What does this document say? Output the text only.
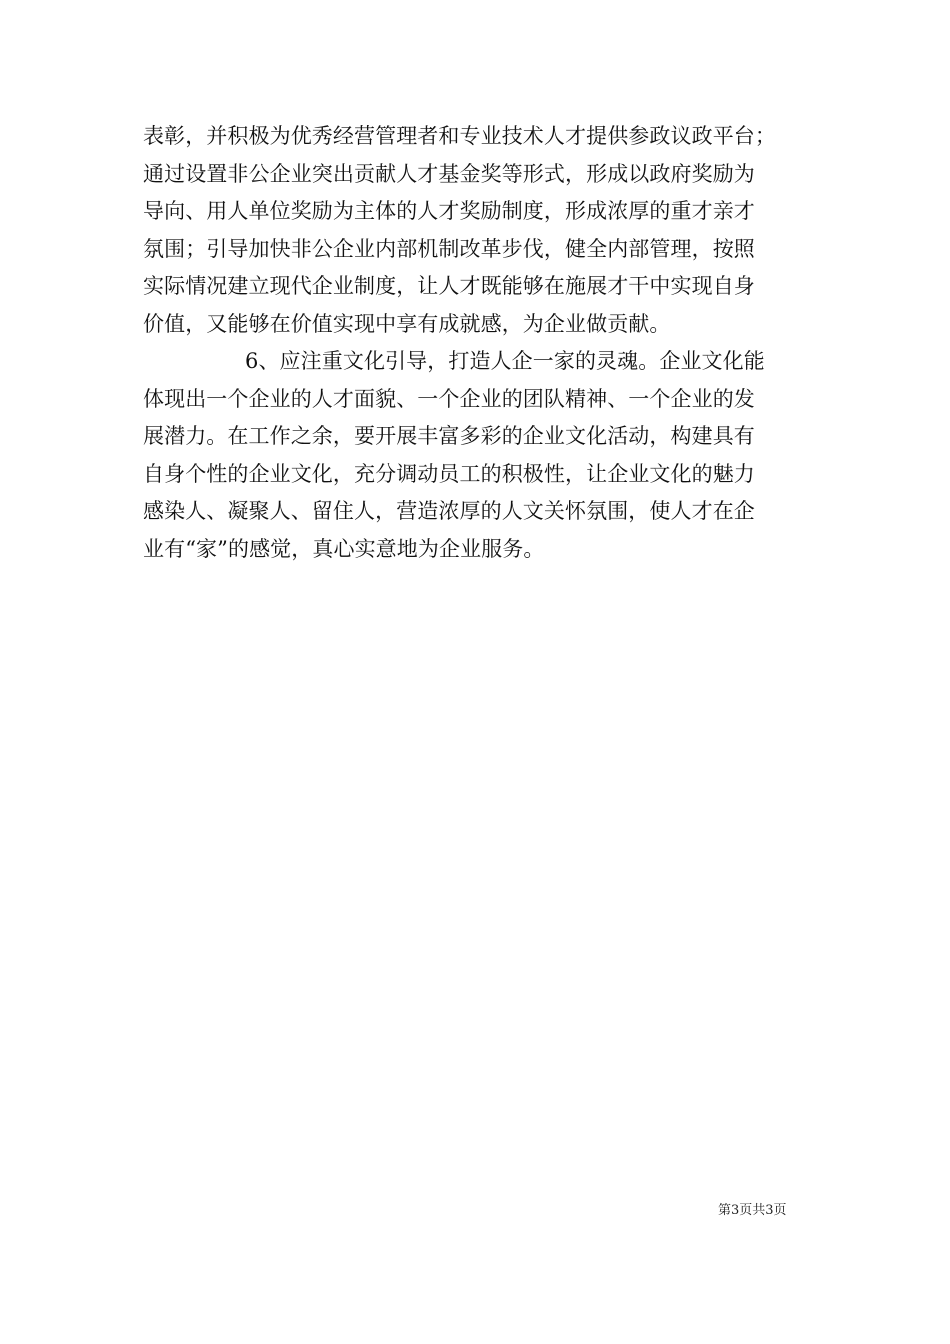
表彰，并积极为优秀经营管理者和专业技术人才提供参政议政平台；
通过设置非公企业突出贡献人才基金奖等形式，形成以政府奖励为
导向、用人单位奖励为主体的人才奖励制度，形成浓厚的重才亲才
氛围；引导加快非公企业内部机制改革步伐，健全内部管理，按照
实际情况建立现代企业制度，让人才既能够在施展才干中实现自身
价值，又能够在价值实现中享有成就感，为企业做贡献。
6、应注重文化引导，打造人企一家的灵魂。企业文化能
体现出一个企业的人才面貌、一个企业的团队精神、一个企业的发
展潜力。在工作之余，要开展丰富多彩的企业文化活动，构建具有
自身个性的企业文化，充分调动员工的积极性，让企业文化的魅力
感染人、凝聚人、留住人，营造浓厚的人文关怀氛围，使人才在企
业有“家”的感觉，真心实意地为企业服务。
第3页共3页
